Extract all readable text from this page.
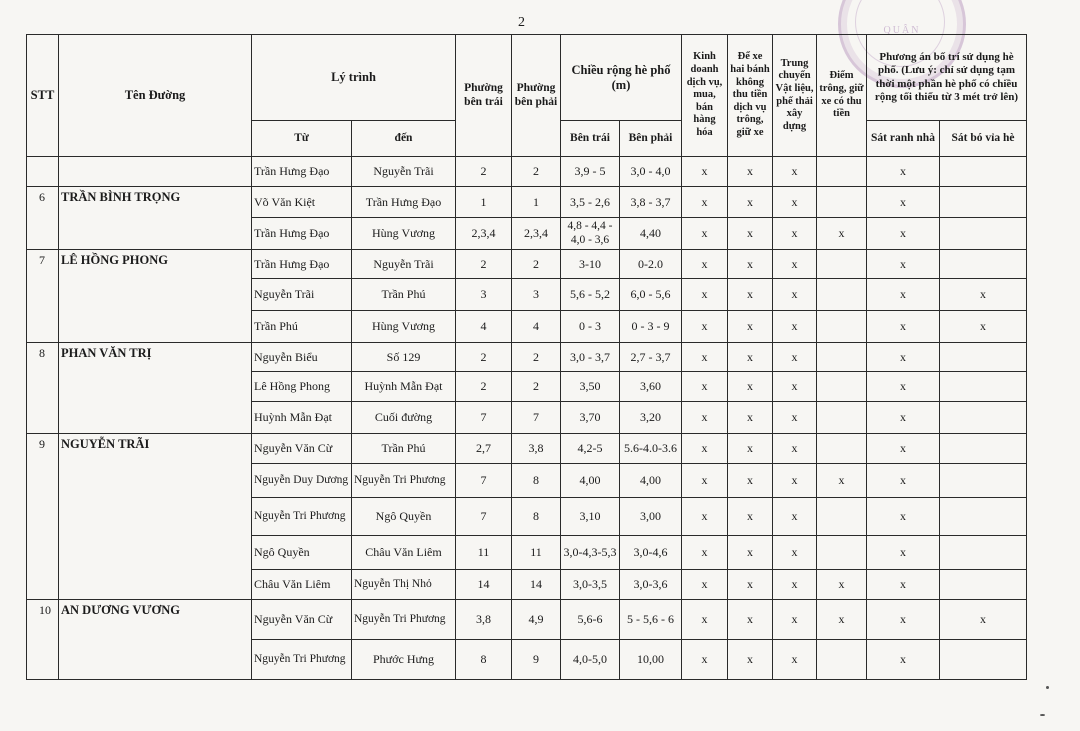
2
QUẬN
STT	Tên Đường	Lý trình		Phường bên trái	Phường bên phải	Chiều rộng hè phố (m)		Kinh doanh dịch vụ, mua, bán hàng hóa	Để xe hai bánh không thu tiền dịch vụ trông, giữ xe	Trung chuyển Vật liệu, phế thải xây dựng	Điểm trông, giữ xe có thu tiền	Phương án bố trí sử dụng hè phố. (Lưu ý: chỉ sử dụng tạm thời một phần hè phố có chiều rộng tối thiểu từ 3 mét trở lên)	
		Từ	đến			Bên trái	Bên phải					Sát ranh nhà	Sát bó vỉa hè
		Trần Hưng Đạo	Nguyễn Trãi	2	2	3,9 - 5	3,0 - 4,0	x	x	x		x	
6	TRẦN BÌNH TRỌNG	Võ Văn Kiệt	Trần Hưng Đạo	1	1	3,5 - 2,6	3,8 - 3,7	x	x	x		x	
		Trần Hưng Đạo	Hùng Vương	2,3,4	2,3,4	4,8 - 4,4 - 4,0 - 3,6	4,40	x	x	x	x	x	
7	LÊ HỒNG PHONG	Trần Hưng Đạo	Nguyễn Trãi	2	2	3-10	0-2.0	x	x	x		x	
		Nguyễn Trãi	Trần Phú	3	3	5,6 - 5,2	6,0 - 5,6	x	x	x		x	x
		Trần Phú	Hùng Vương	4	4	0 - 3	0 - 3 - 9	x	x	x		x	x
8	PHAN VĂN TRỊ	Nguyễn Biểu	Số 129	2	2	3,0 - 3,7	2,7 - 3,7	x	x	x		x	
		Lê Hồng Phong	Huỳnh Mẫn Đạt	2	2	3,50	3,60	x	x	x		x	
		Huỳnh Mẫn Đạt	Cuối đường	7	7	3,70	3,20	x	x	x		x	
9	NGUYỄN TRÃI	Nguyễn Văn Cừ	Trần Phú	2,7	3,8	4,2-5	5.6-4.0-3.6	x	x	x		x	
		Nguyễn Duy Dương	Nguyễn Tri Phương	7	8	4,00	4,00	x	x	x	x	x	
		Nguyễn Tri Phương	Ngô Quyền	7	8	3,10	3,00	x	x	x		x	
		Ngô Quyền	Châu Văn Liêm	11	11	3,0-4,3-5,3	3,0-4,6	x	x	x		x	
		Châu Văn Liêm	Nguyễn Thị Nhỏ	14	14	3,0-3,5	3,0-3,6	x	x	x	x	x	
10	AN DƯƠNG VƯƠNG	Nguyễn Văn Cừ	Nguyễn Tri Phương	3,8	4,9	5,6-6	5 - 5,6 - 6	x	x	x	x	x	x
		Nguyễn Tri Phương	Phước Hưng	8	9	4,0-5,0	10,00	x	x	x		x	
